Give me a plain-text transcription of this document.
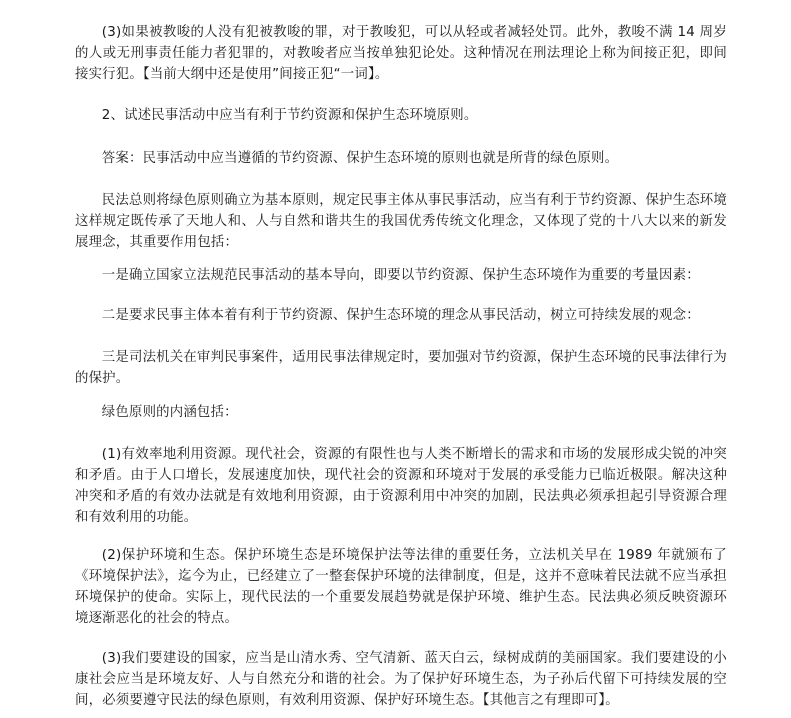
(3)如果被教唆的人没有犯被教唆的罪，对于教唆犯，可以从轻或者减轻处罚。此外，教唆不满 14 周岁的人或无刑事责任能力者犯罪的，对教唆者应当按单独犯论处。这种情况在刑法理论上称为间接正犯，即间接实行犯。【当前大纲中还是使用”间接正犯“一词】。

2、试述民事活动中应当有利于节约资源和保护生态环境原则。

答案：民事活动中应当遵循的节约资源、保护生态环境的原则也就是所背的绿色原则。

民法总则将绿色原则确立为基本原则，规定民事主体从事民事活动，应当有利于节约资源、保护生态环境这样规定既传承了天地人和、人与自然和谐共生的我国优秀传统文化理念，又体现了党的十八大以来的新发展理念，其重要作用包括：

一是确立国家立法规范民事活动的基本导向，即要以节约资源、保护生态环境作为重要的考量因素：

二是要求民事主体本着有利于节约资源、保护生态环境的理念从事民活动，树立可持续发展的观念：

三是司法机关在审判民事案件，适用民事法律规定时，要加强对节约资源，保护生态环境的民事法律行为的保护。

绿色原则的内涵包括：

(1)有效率地利用资源。现代社会，资源的有限性也与人类不断增长的需求和市场的发展形成尖锐的冲突和矛盾。由于人口增长，发展速度加快，现代社会的资源和环境对于发展的承受能力已临近极限。解决这种冲突和矛盾的有效办法就是有效地利用资源，由于资源利用中冲突的加剧，民法典必须承担起引导资源合理和有效利用的功能。

(2)保护环境和生态。保护环境生态是环境保护法等法律的重要任务，立法机关早在 1989 年就颁布了《环境保护法》，迄今为止，已经建立了一整套保护环境的法律制度，但是，这并不意味着民法就不应当承担环境保护的使命。实际上，现代民法的一个重要发展趋势就是保护环境、维护生态。民法典必须反映资源环境逐渐恶化的社会的特点。

(3)我们要建设的国家，应当是山清水秀、空气清新、蓝天白云，绿树成荫的美丽国家。我们要建设的小康社会应当是环境友好、人与自然充分和谐的社会。为了保护好环境生态，为子孙后代留下可持续发展的空间，必须要遵守民法的绿色原则，有效利用资源、保护好环境生态。【其他言之有理即可】。
